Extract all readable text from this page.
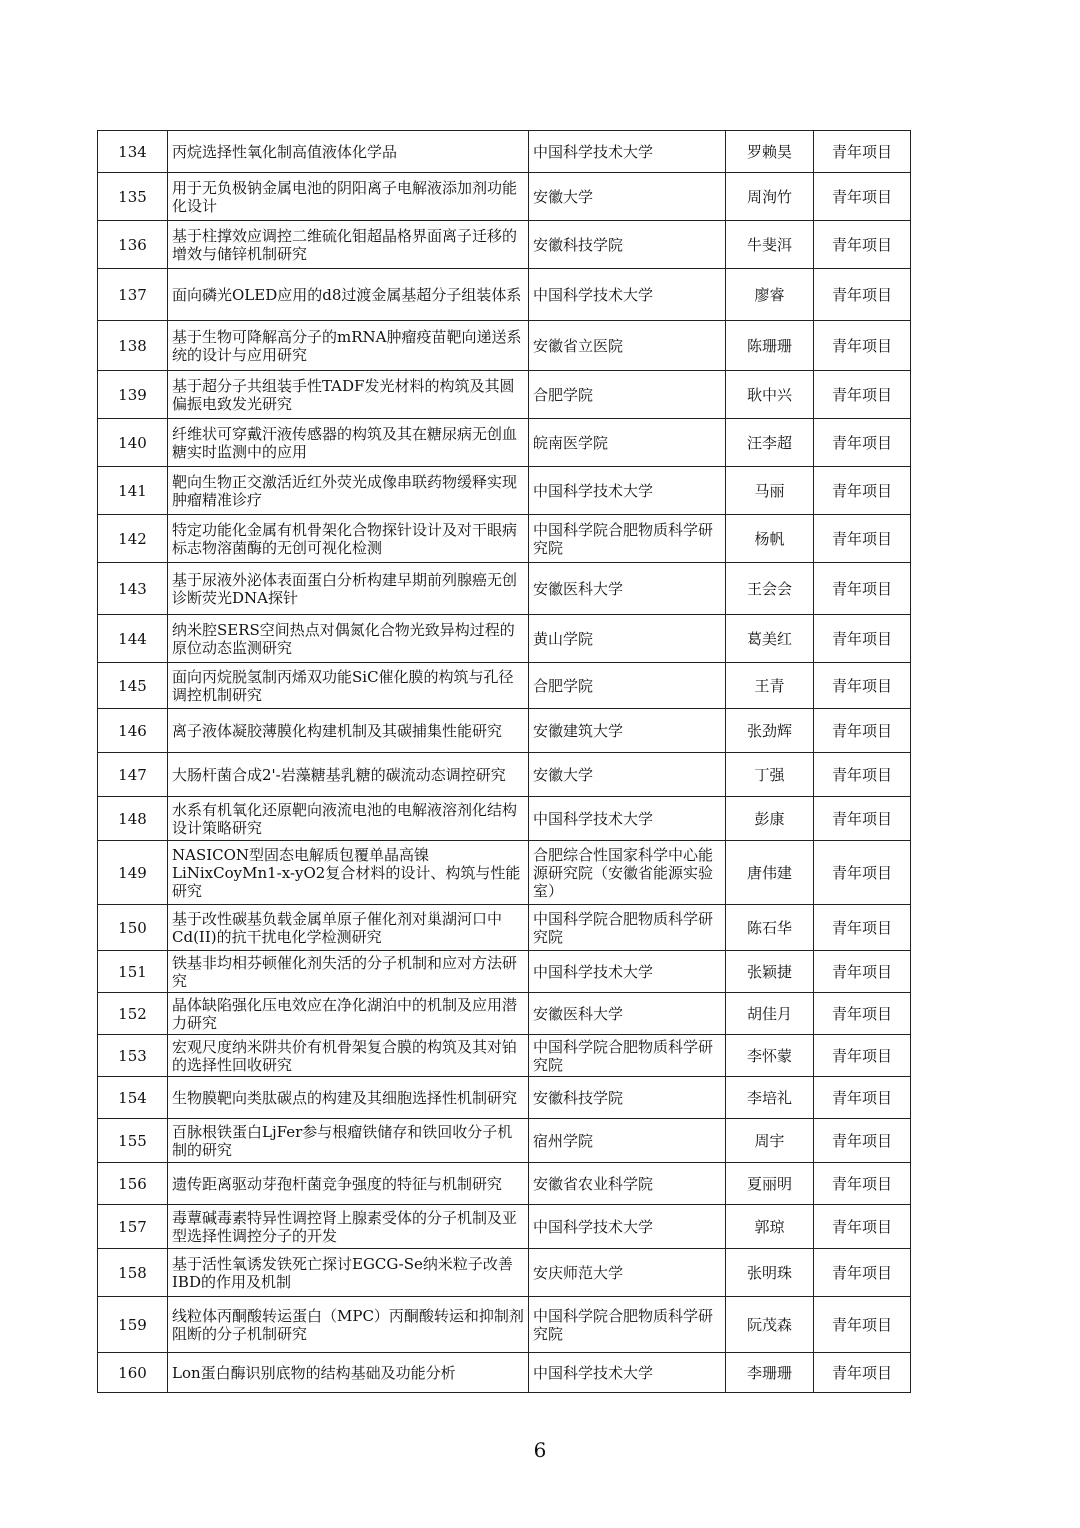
134	丙烷选择性氧化制高值液体化学品	中国科学技术大学	罗赖昊	青年项目
135	用于无负极钠金属电池的阴阳离子电解液添加剂功能化设计	安徽大学	周洵竹	青年项目
136	基于柱撑效应调控二维硫化钼超晶格界面离子迁移的增效与储锌机制研究	安徽科技学院	牛斐洱	青年项目
137	面向磷光OLED应用的d8过渡金属基超分子组装体系	中国科学技术大学	廖睿	青年项目
138	基于生物可降解高分子的mRNA肿瘤疫苗靶向递送系统的设计与应用研究	安徽省立医院	陈珊珊	青年项目
139	基于超分子共组装手性TADF发光材料的构筑及其圆偏振电致发光研究	合肥学院	耿中兴	青年项目
140	纤维状可穿戴汗液传感器的构筑及其在糖尿病无创血糖实时监测中的应用	皖南医学院	汪李超	青年项目
141	靶向生物正交激活近红外荧光成像串联药物缓释实现肿瘤精准诊疗	中国科学技术大学	马丽	青年项目
142	特定功能化金属有机骨架化合物探针设计及对干眼病标志物溶菌酶的无创可视化检测	中国科学院合肥物质科学研究院	杨帆	青年项目
143	基于尿液外泌体表面蛋白分析构建早期前列腺癌无创诊断荧光DNA探针	安徽医科大学	王会会	青年项目
144	纳米腔SERS空间热点对偶氮化合物光致异构过程的原位动态监测研究	黄山学院	葛美红	青年项目
145	面向丙烷脱氢制丙烯双功能SiC催化膜的构筑与孔径调控机制研究	合肥学院	王青	青年项目
146	离子液体凝胶薄膜化构建机制及其碳捕集性能研究	安徽建筑大学	张劲辉	青年项目
147	大肠杆菌合成2'-岩藻糖基乳糖的碳流动态调控研究	安徽大学	丁强	青年项目
148	水系有机氧化还原靶向液流电池的电解液溶剂化结构设计策略研究	中国科学技术大学	彭康	青年项目
149	NASICON型固态电解质包覆单晶高镍LiNixCoyMn1-x-yO2复合材料的设计、构筑与性能研究	合肥综合性国家科学中心能源研究院（安徽省能源实验室）	唐伟建	青年项目
150	基于改性碳基负载金属单原子催化剂对巢湖河口中Cd(II)的抗干扰电化学检测研究	中国科学院合肥物质科学研究院	陈石华	青年项目
151	铁基非均相芬顿催化剂失活的分子机制和应对方法研究	中国科学技术大学	张颖捷	青年项目
152	晶体缺陷强化压电效应在净化湖泊中的机制及应用潜力研究	安徽医科大学	胡佳月	青年项目
153	宏观尺度纳米阱共价有机骨架复合膜的构筑及其对铂的选择性回收研究	中国科学院合肥物质科学研究院	李怀蒙	青年项目
154	生物膜靶向类肽碳点的构建及其细胞选择性机制研究	安徽科技学院	李培礼	青年项目
155	百脉根铁蛋白LjFer参与根瘤铁储存和铁回收分子机制的研究	宿州学院	周宇	青年项目
156	遗传距离驱动芽孢杆菌竞争强度的特征与机制研究	安徽省农业科学院	夏丽明	青年项目
157	毒蕈碱毒素特异性调控肾上腺素受体的分子机制及亚型选择性调控分子的开发	中国科学技术大学	郭琼	青年项目
158	基于活性氧诱发铁死亡探讨EGCG-Se纳米粒子改善IBD的作用及机制	安庆师范大学	张明珠	青年项目
159	线粒体丙酮酸转运蛋白（MPC）丙酮酸转运和抑制剂阻断的分子机制研究	中国科学院合肥物质科学研究院	阮茂森	青年项目
160	Lon蛋白酶识别底物的结构基础及功能分析	中国科学技术大学	李珊珊	青年项目
6
